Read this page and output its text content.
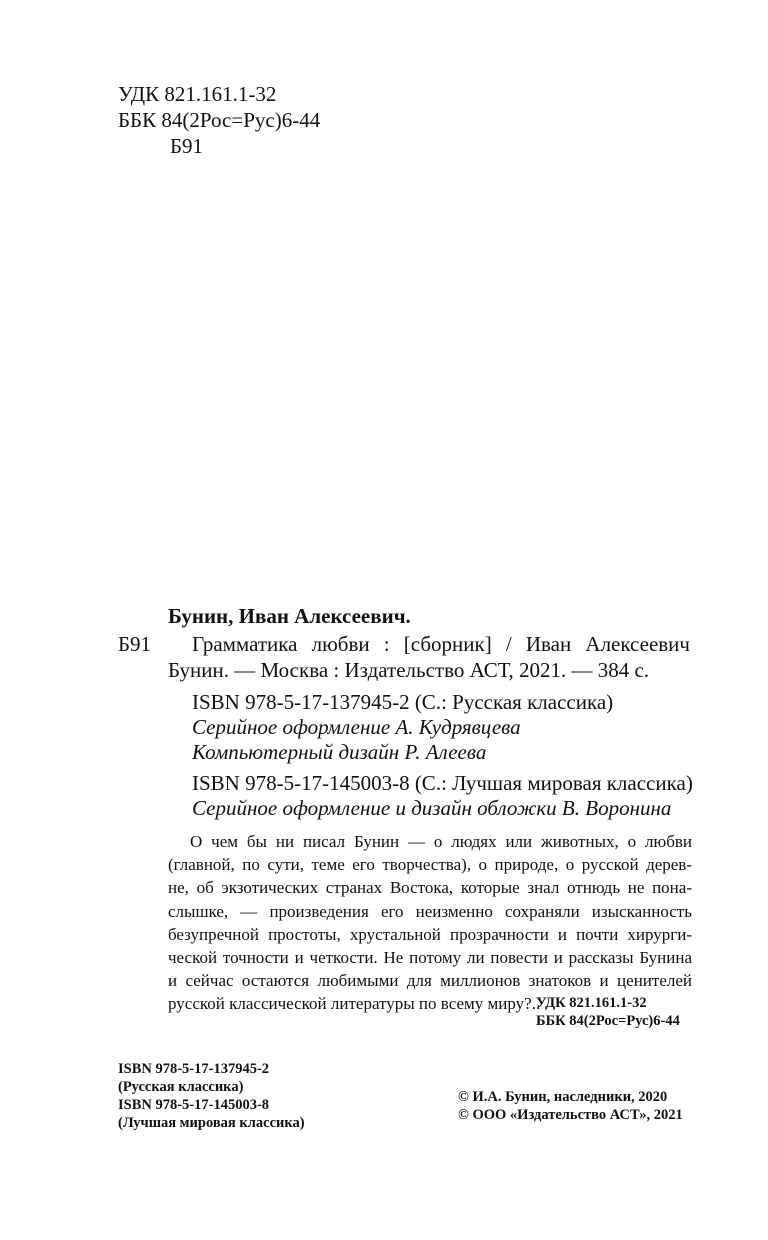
УДК 821.161.1-32
ББК 84(2Рос=Рус)6-44
Б91
Бунин, Иван Алексеевич.
Б91 Грамматика любви : [сборник] / Иван Алексеевич
Бунин. — Москва : Издательство АСТ, 2021. — 384 с.
ISBN 978-5-17-137945-2 (С.: Русская классика)
Серийное оформление А. Кудрявцева
Компьютерный дизайн Р. Алеева
ISBN 978-5-17-145003-8 (С.: Лучшая мировая классика)
Серийное оформление и дизайн обложки В. Воронина
О чем бы ни писал Бунин — о людях или животных, о любви
(главной, по сути, теме его творчества), о природе, о русской дерев-
не, об экзотических странах Востока, которые знал отнюдь не пона-
слышке, — произведения его неизменно сохраняли изысканность
безупречной простоты, хрустальной прозрачности и почти хирурги-
ческой точности и четкости. Не потому ли повести и рассказы Бунина
и сейчас остаются любимыми для миллионов знатоков и ценителей
русской классической литературы по всему миру?..
УДК 821.161.1-32
ББК 84(2Рос=Рус)6-44
ISBN 978-5-17-137945-2
(Русская классика)
ISBN 978-5-17-145003-8
(Лучшая мировая классика)
© И.А. Бунин, наследники, 2020
© ООО «Издательство АСТ», 2021
